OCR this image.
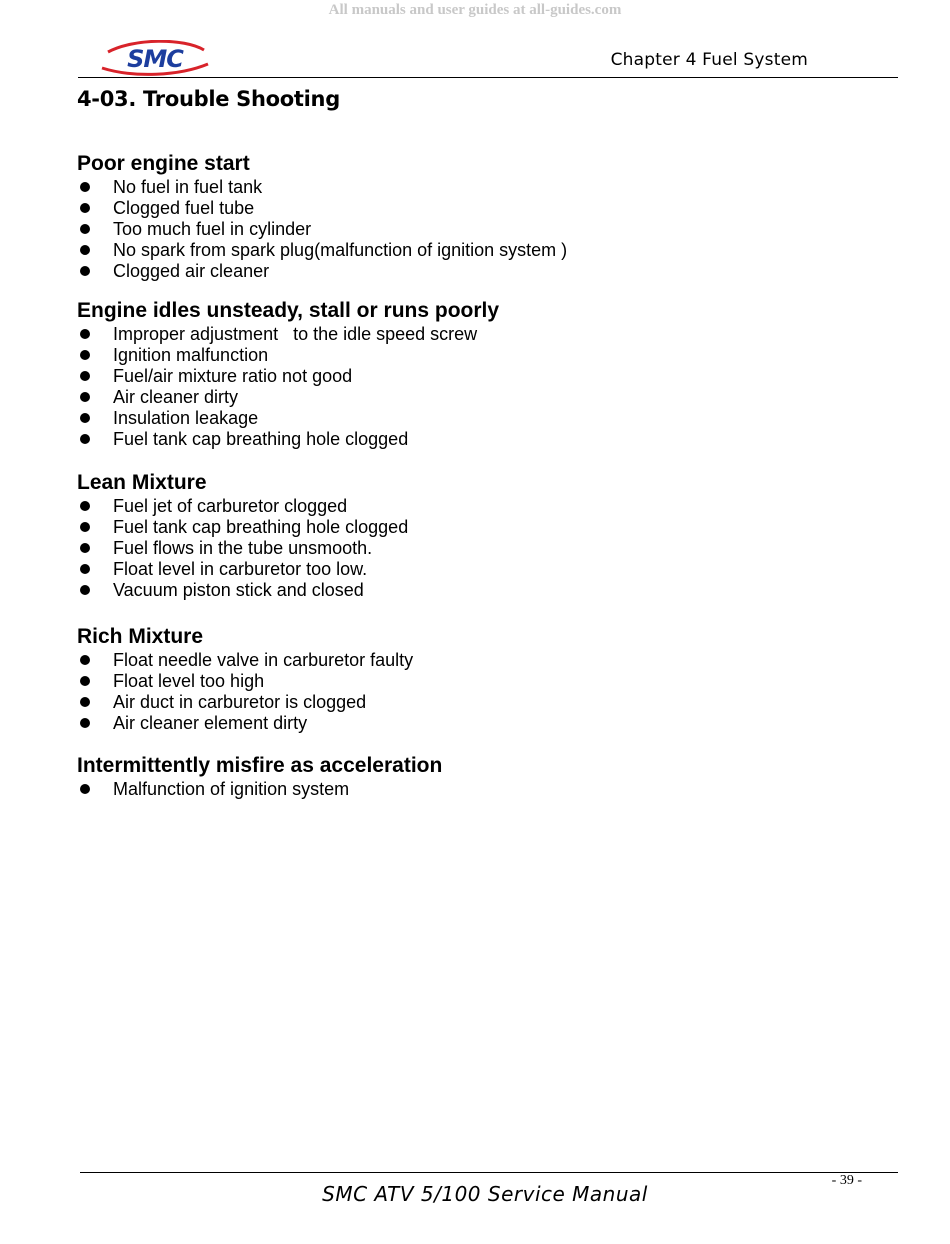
All manuals and user guides at all-guides.com
SMC	Chapter 4 Fuel System
4-03. Trouble Shooting
Poor engine start
No fuel in fuel tank
Clogged fuel tube
Too much fuel in cylinder
No spark from spark plug(malfunction of ignition system )
Clogged air cleaner
Engine idles unsteady, stall or runs poorly
Improper adjustment   to the idle speed screw
Ignition malfunction
Fuel/air mixture ratio not good
Air cleaner dirty
Insulation leakage
Fuel tank cap breathing hole clogged
Lean Mixture
Fuel jet of carburetor clogged
Fuel tank cap breathing hole clogged
Fuel flows in the tube unsmooth.
Float level in carburetor too low.
Vacuum piston stick and closed
Rich Mixture
Float needle valve in carburetor faulty
Float level too high
Air duct in carburetor is clogged
Air cleaner element dirty
Intermittently misfire as acceleration
Malfunction of ignition system
- 39 -
SMC ATV 5/100 Service Manual
